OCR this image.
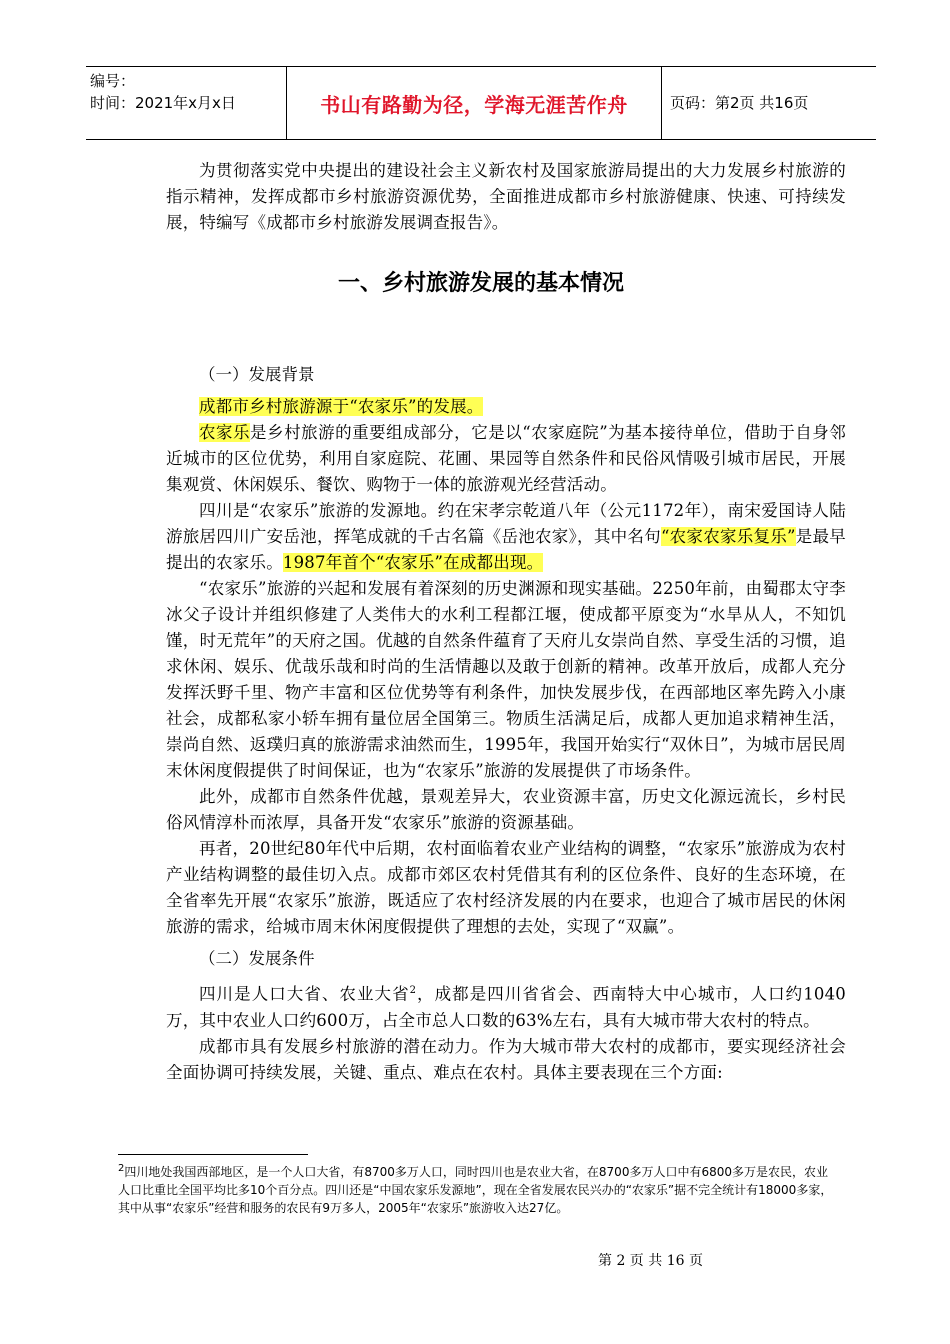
编号：
时间：2021年x月x日	书山有路勤为径，学海无涯苦作舟	页码：第2页 共16页

为贯彻落实党中央提出的建设社会主义新农村及国家旅游局提出的大力发展乡村旅游的指示精神，发挥成都市乡村旅游资源优势，全面推进成都市乡村旅游健康、快速、可持续发展，特编写《成都市乡村旅游发展调查报告》。

一、乡村旅游发展的基本情况

（一）发展背景

成都市乡村旅游源于“农家乐”的发展。

农家乐是乡村旅游的重要组成部分，它是以“农家庭院”为基本接待单位，借助于自身邻近城市的区位优势，利用自家庭院、花圃、果园等自然条件和民俗风情吸引城市居民，开展集观赏、休闲娱乐、餐饮、购物于一体的旅游观光经营活动。

四川是“农家乐”旅游的发源地。约在宋孝宗乾道八年（公元1172年），南宋爱国诗人陆游旅居四川广安岳池，挥笔成就的千古名篇《岳池农家》，其中名句“农家农家乐复乐”是最早提出的农家乐。1987年首个“农家乐”在成都出现。

“农家乐”旅游的兴起和发展有着深刻的历史渊源和现实基础。2250年前，由蜀郡太守李冰父子设计并组织修建了人类伟大的水利工程都江堰，使成都平原变为“水旱从人，不知饥馑，时无荒年”的天府之国。优越的自然条件蕴育了天府儿女崇尚自然、享受生活的习惯，追求休闲、娱乐、优哉乐哉和时尚的生活情趣以及敢于创新的精神。改革开放后，成都人充分发挥沃野千里、物产丰富和区位优势等有利条件，加快发展步伐，在西部地区率先跨入小康社会，成都私家小轿车拥有量位居全国第三。物质生活满足后，成都人更加追求精神生活，崇尚自然、返璞归真的旅游需求油然而生，1995年，我国开始实行“双休日”，为城市居民周末休闲度假提供了时间保证，也为“农家乐”旅游的发展提供了市场条件。

此外，成都市自然条件优越，景观差异大，农业资源丰富，历史文化源远流长，乡村民俗风情淳朴而浓厚，具备开发“农家乐”旅游的资源基础。

再者，20世纪80年代中后期，农村面临着农业产业结构的调整，“农家乐”旅游成为农村产业结构调整的最佳切入点。成都市郊区农村凭借其有利的区位条件、良好的生态环境，在全省率先开展“农家乐”旅游，既适应了农村经济发展的内在要求，也迎合了城市居民的休闲旅游的需求，给城市周末休闲度假提供了理想的去处，实现了“双赢”。

（二）发展条件

四川是人口大省、农业大省$^2$，成都是四川省省会、西南特大中心城市，人口约1040万，其中农业人口约600万，占全市总人口数的63%左右，具有大城市带大农村的特点。

成都市具有发展乡村旅游的潜在动力。作为大城市带大农村的成都市，要实现经济社会全面协调可持续发展，关键、重点、难点在农村。具体主要表现在三个方面:

$^2$四川地处我国西部地区，是一个人口大省，有8700多万人口，同时四川也是农业大省，在8700多万人口中有6800多万是农民，农业人口比重比全国平均比多10个百分点。四川还是“中国农家乐发源地”，现在全省发展农民兴办的“农家乐”据不完全统计有18000多家，其中从事“农家乐”经营和服务的农民有9万多人，2005年“农家乐”旅游收入达27亿。
第 2 页 共 16 页
